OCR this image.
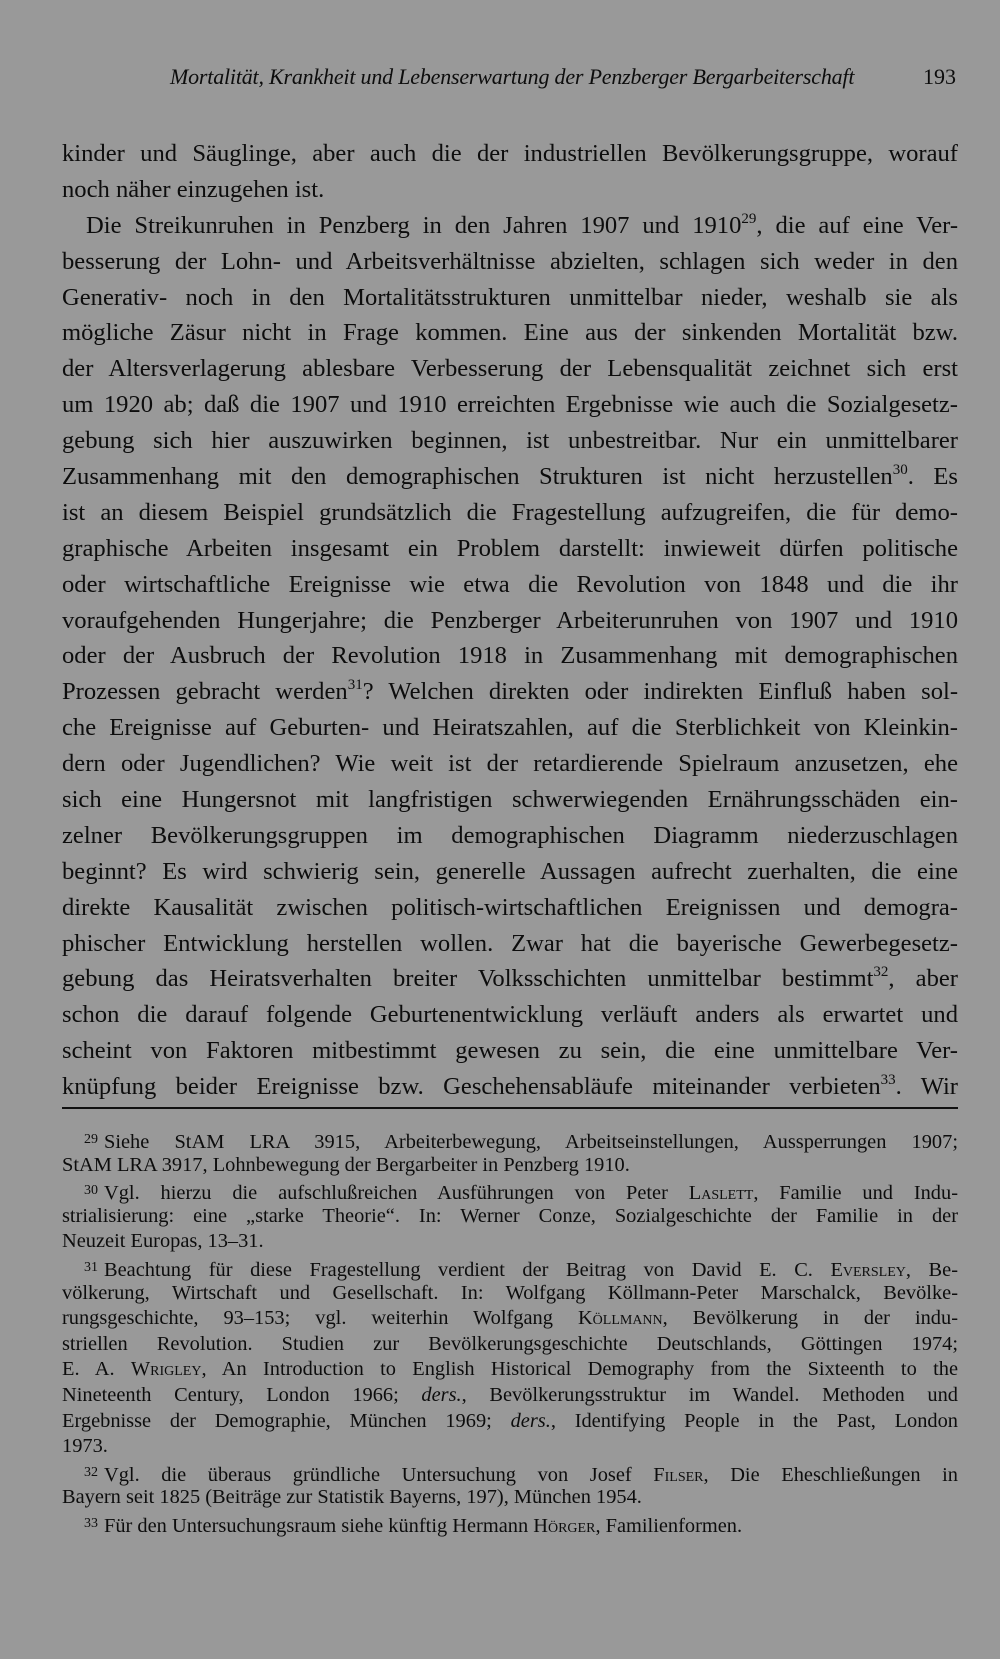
Mortalität, Krankheit und Lebenserwartung der Penzberger Bergarbeiterschaft	193
kinder und Säuglinge, aber auch die der industriellen Bevölkerungsgruppe, worauf
noch näher einzugehen ist.
Die Streikunruhen in Penzberg in den Jahren 1907 und 1910$^{29}$, die auf eine Ver-
besserung der Lohn- und Arbeitsverhältnisse abzielten, schlagen sich weder in den
Generativ- noch in den Mortalitätsstrukturen unmittelbar nieder, weshalb sie als
mögliche Zäsur nicht in Frage kommen. Eine aus der sinkenden Mortalität bzw.
der Altersverlagerung ablesbare Verbesserung der Lebensqualität zeichnet sich erst
um 1920 ab; daß die 1907 und 1910 erreichten Ergebnisse wie auch die Sozialgesetz-
gebung sich hier auszuwirken beginnen, ist unbestreitbar. Nur ein unmittelbarer
Zusammenhang mit den demographischen Strukturen ist nicht herzustellen$^{30}$. Es
ist an diesem Beispiel grundsätzlich die Fragestellung aufzugreifen, die für demo-
graphische Arbeiten insgesamt ein Problem darstellt: inwieweit dürfen politische
oder wirtschaftliche Ereignisse wie etwa die Revolution von 1848 und die ihr
voraufgehenden Hungerjahre; die Penzberger Arbeiterunruhen von 1907 und 1910
oder der Ausbruch der Revolution 1918 in Zusammenhang mit demographischen
Prozessen gebracht werden$^{31}$? Welchen direkten oder indirekten Einfluß haben sol-
che Ereignisse auf Geburten- und Heiratszahlen, auf die Sterblichkeit von Kleinkin-
dern oder Jugendlichen? Wie weit ist der retardierende Spielraum anzusetzen, ehe
sich eine Hungersnot mit langfristigen schwerwiegenden Ernährungsschäden ein-
zelner Bevölkerungsgruppen im demographischen Diagramm niederzuschlagen
beginnt? Es wird schwierig sein, generelle Aussagen aufrecht zuerhalten, die eine
direkte Kausalität zwischen politisch-wirtschaftlichen Ereignissen und demogra-
phischer Entwicklung herstellen wollen. Zwar hat die bayerische Gewerbegesetz-
gebung das Heiratsverhalten breiter Volksschichten unmittelbar bestimmt$^{32}$, aber
schon die darauf folgende Geburtenentwicklung verläuft anders als erwartet und
scheint von Faktoren mitbestimmt gewesen zu sein, die eine unmittelbare Ver-
knüpfung beider Ereignisse bzw. Geschehensabläufe miteinander verbieten$^{33}$. Wir
$^{29}$ Siehe StAM LRA 3915, Arbeiterbewegung, Arbeitseinstellungen, Aussperrungen 1907;
StAM LRA 3917, Lohnbewegung der Bergarbeiter in Penzberg 1910.
$^{30}$ Vgl. hierzu die aufschlußreichen Ausführungen von Peter Laslett, Familie und Indu-
strialisierung: eine „starke Theorie“. In: Werner Conze, Sozialgeschichte der Familie in der
Neuzeit Europas, 13–31.
$^{31}$ Beachtung für diese Fragestellung verdient der Beitrag von David E. C. Eversley, Be-
völkerung, Wirtschaft und Gesellschaft. In: Wolfgang Köllmann-Peter Marschalck, Bevölke-
rungsgeschichte, 93–153; vgl. weiterhin Wolfgang Köllmann, Bevölkerung in der indu-
striellen Revolution. Studien zur Bevölkerungsgeschichte Deutschlands, Göttingen 1974;
E. A. Wrigley, An Introduction to English Historical Demography from the Sixteenth to the
Nineteenth Century, London 1966; ders., Bevölkerungsstruktur im Wandel. Methoden und
Ergebnisse der Demographie, München 1969; ders., Identifying People in the Past, London
1973.
$^{32}$ Vgl. die überaus gründliche Untersuchung von Josef Filser, Die Eheschließungen in
Bayern seit 1825 (Beiträge zur Statistik Bayerns, 197), München 1954.
$^{33}$ Für den Untersuchungsraum siehe künftig Hermann Hörger, Familienformen.
